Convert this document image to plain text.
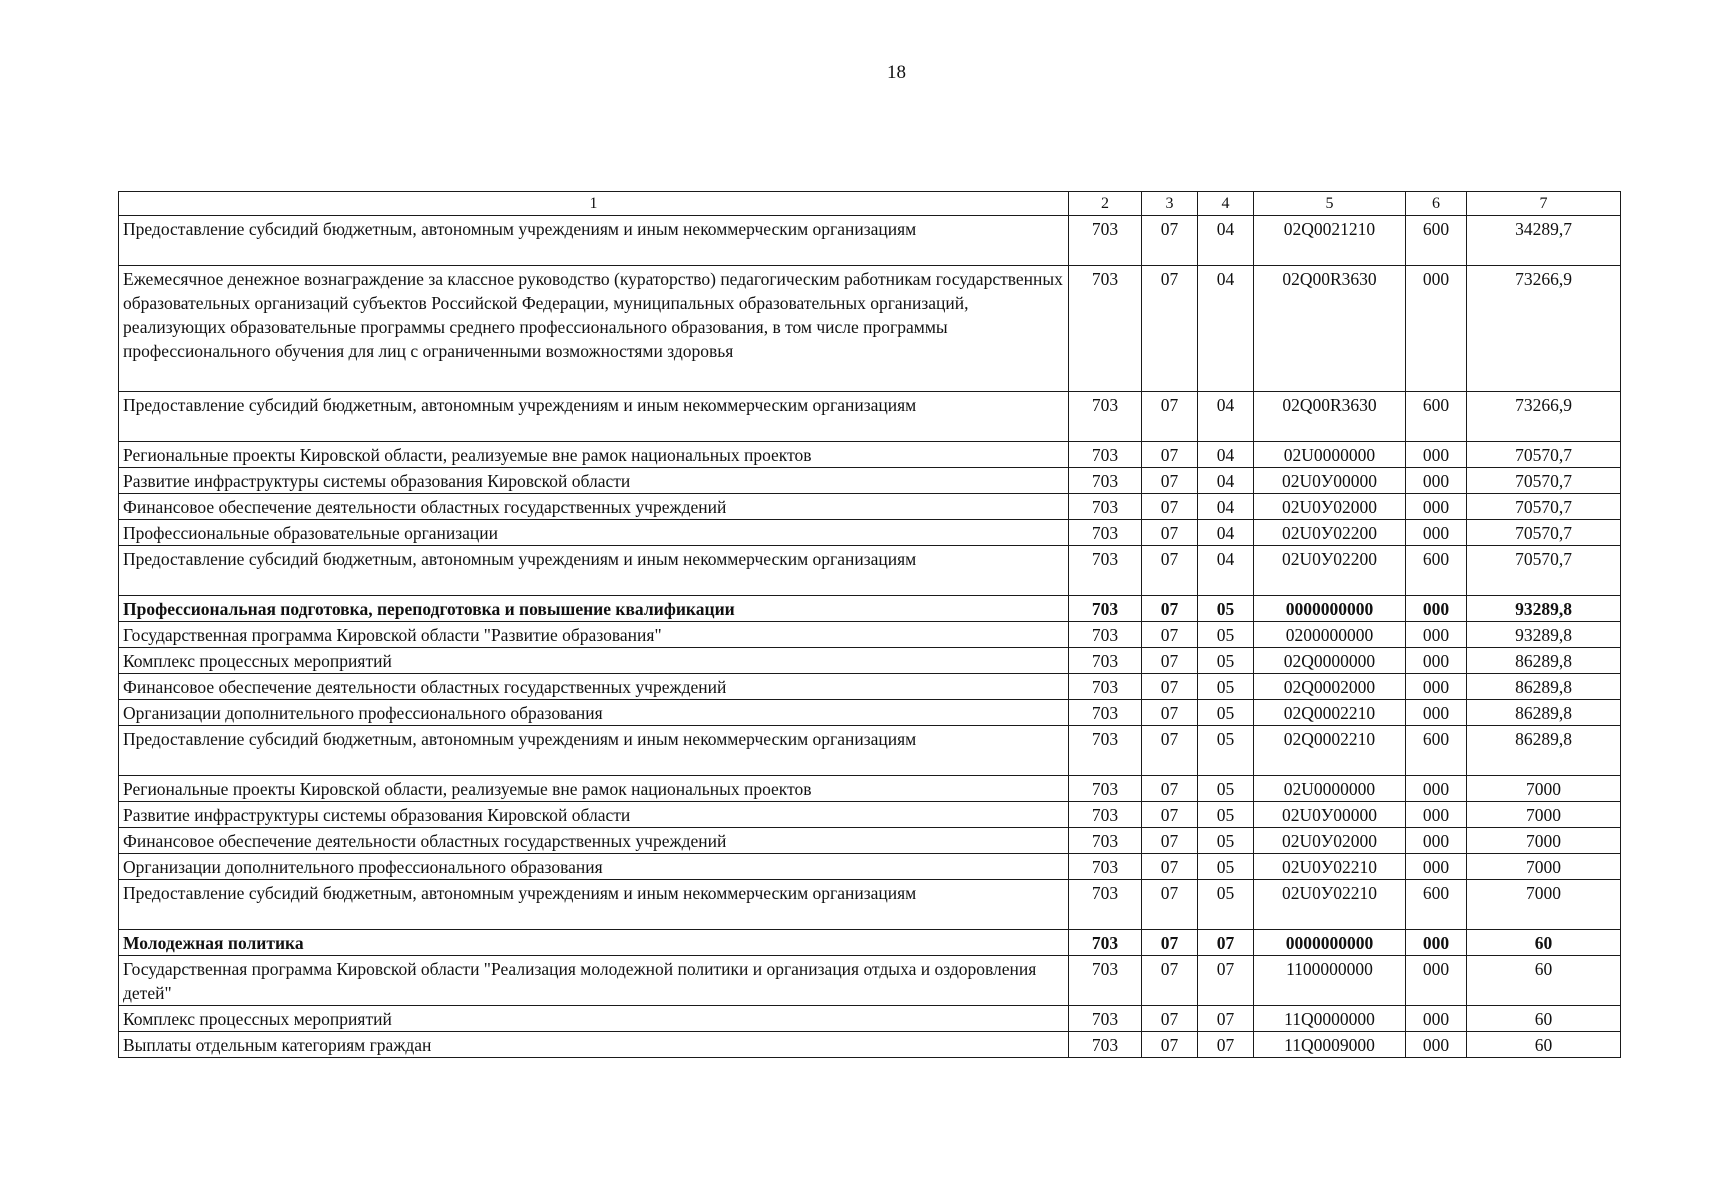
18
1	2	3	4	5	6	7
Предоставление субсидий бюджетным, автономным учреждениям и иным некоммерческим организациям	703	07	04	02Q0021210	600	34289,7
Ежемесячное денежное вознаграждение за классное руководство (кураторство) педагогическим работникам государственных образовательных организаций субъектов Российской Федерации, муниципальных образовательных организаций, реализующих образовательные программы среднего профессионального образования, в том числе программы профессионального обучения для лиц с ограниченными возможностями здоровья	703	07	04	02Q00R3630	000	73266,9
Предоставление субсидий бюджетным, автономным учреждениям и иным некоммерческим организациям	703	07	04	02Q00R3630	600	73266,9
Региональные проекты Кировской области, реализуемые вне рамок национальных проектов	703	07	04	02U0000000	000	70570,7
Развитие инфраструктуры системы образования Кировской области	703	07	04	02U0У00000	000	70570,7
Финансовое обеспечение деятельности областных государственных учреждений	703	07	04	02U0У02000	000	70570,7
Профессиональные образовательные организации	703	07	04	02U0У02200	000	70570,7
Предоставление субсидий бюджетным, автономным учреждениям и иным некоммерческим организациям	703	07	04	02U0У02200	600	70570,7
Профессиональная подготовка, переподготовка и повышение квалификации	703	07	05	0000000000	000	93289,8
Государственная программа Кировской области "Развитие образования"	703	07	05	0200000000	000	93289,8
Комплекс процессных мероприятий	703	07	05	02Q0000000	000	86289,8
Финансовое обеспечение деятельности областных государственных учреждений	703	07	05	02Q0002000	000	86289,8
Организации дополнительного профессионального образования	703	07	05	02Q0002210	000	86289,8
Предоставление субсидий бюджетным, автономным учреждениям и иным некоммерческим организациям	703	07	05	02Q0002210	600	86289,8
Региональные проекты Кировской области, реализуемые вне рамок национальных проектов	703	07	05	02U0000000	000	7000
Развитие инфраструктуры системы образования Кировской области	703	07	05	02U0У00000	000	7000
Финансовое обеспечение деятельности областных государственных учреждений	703	07	05	02U0У02000	000	7000
Организации дополнительного профессионального образования	703	07	05	02U0У02210	000	7000
Предоставление субсидий бюджетным, автономным учреждениям и иным некоммерческим организациям	703	07	05	02U0У02210	600	7000
Молодежная политика	703	07	07	0000000000	000	60
Государственная программа Кировской области "Реализация молодежной политики и организация отдыха и оздоровления детей"	703	07	07	1100000000	000	60
Комплекс процессных мероприятий	703	07	07	11Q0000000	000	60
Выплаты отдельным категориям граждан	703	07	07	11Q0009000	000	60
